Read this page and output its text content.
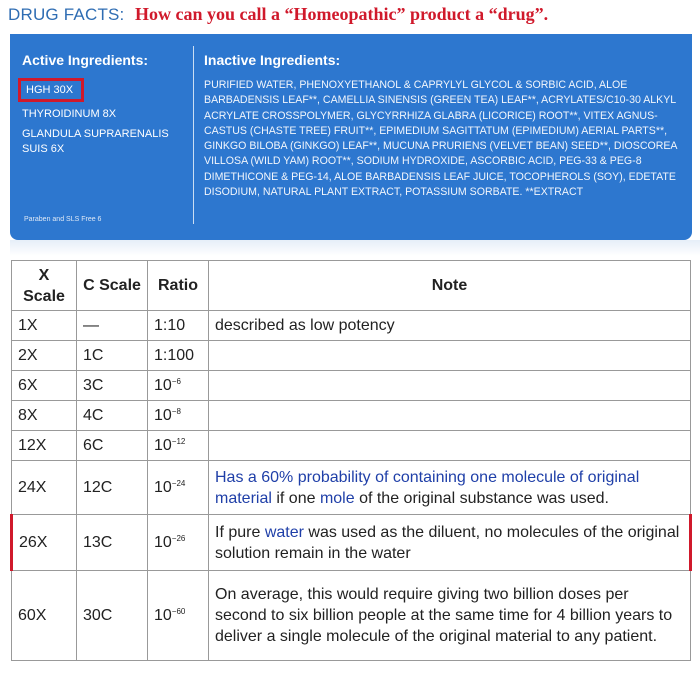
DRUG FACTS: How can you call a “Homeopathic” product a “drug”.
Active Ingredients:
HGH 30X
THYROIDINUM 8X
GLANDULA SUPRARENALIS SUIS 6X
Paraben and SLS Free 6
Inactive Ingredients:
PURIFIED WATER, PHENOXYETHANOL & CAPRYLYL GLYCOL & SORBIC ACID, ALOE BARBADENSIS LEAF**, CAMELLIA SINENSIS (GREEN TEA) LEAF**, ACRYLATES/C10-30 ALKYL ACRYLATE CROSSPOLYMER, GLYCYRRHIZA GLABRA (LICORICE) ROOT**, VITEX AGNUS-CASTUS (CHASTE TREE) FRUIT**, EPIMEDIUM SAGITTATUM (EPIMEDIUM) AERIAL PARTS**, GINKGO BILOBA (GINKGO) LEAF**, MUCUNA PRURIENS (VELVET BEAN) SEED**, DIOSCOREA VILLOSA (WILD YAM) ROOT**, SODIUM HYDROXIDE, ASCORBIC ACID, PEG-33 & PEG-8 DIMETHICONE & PEG-14, ALOE BARBADENSIS LEAF JUICE, TOCOPHEROLS (SOY), EDETATE DISODIUM, NATURAL PLANT EXTRACT, POTASSIUM SORBATE. **EXTRACT
X Scale	C Scale	Ratio	Note
1X	—	1:10	described as low potency
2X	1C	1:100	
6X	3C	$10^{-6}$	
8X	4C	$10^{-8}$	
12X	6C	$10^{-12}$	
24X	12C	$10^{-24}$	Has a 60% probability of containing one molecule of original material if one mole of the original substance was used.
26X	13C	$10^{-26}$	If pure water was used as the diluent, no molecules of the original solution remain in the water
60X	30C	$10^{-60}$	On average, this would require giving two billion doses per second to six billion people at the same time for 4 billion years to deliver a single molecule of the original material to any patient.
